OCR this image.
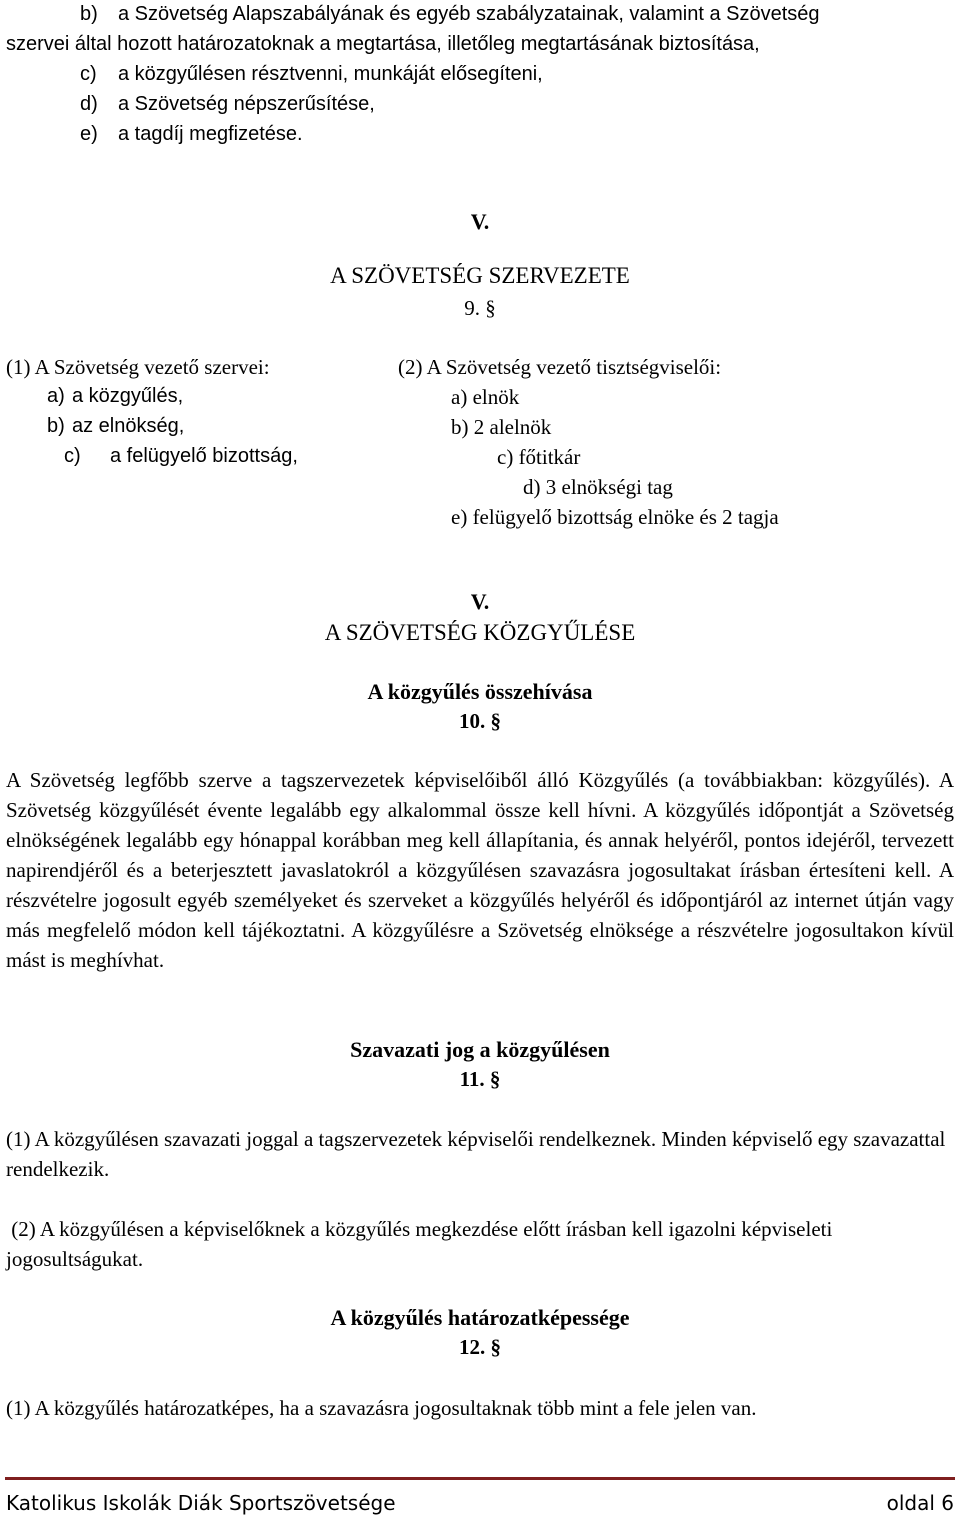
b) a Szövetség Alapszabályának és egyéb szabályzatainak, valamint a Szövetség
szervei által hozott határozatoknak a megtartása, illetőleg megtartásának biztosítása,
c) a közgyűlésen résztvenni, munkáját elősegíteni,
d) a Szövetség népszerűsítése,
e) a tagdíj megfizetése.
V.
A SZÖVETSÉG SZERVEZETE
9. §
(1) A Szövetség vezető szervei:
a) a közgyűlés,
b) az elnökség,
c) a felügyelő bizottság,
(2) A Szövetség vezető tisztségviselői:
a) elnök
b) 2 alelnök
c) főtitkár
d) 3 elnökségi tag
e) felügyelő bizottság elnöke és 2 tagja
V.
A SZÖVETSÉG KÖZGYŰLÉSE
A közgyűlés összehívása
10. §
A Szövetség legfőbb szerve a tagszervezetek képviselőiből álló Közgyűlés (a továbbiakban: közgyűlés). A Szövetség közgyűlését évente legalább egy alkalommal össze kell hívni. A közgyűlés időpontját a Szövetség elnökségének legalább egy hónappal korábban meg kell állapítania, és annak helyéről, pontos idejéről, tervezett napirendjéről és a beterjesztett javaslatokról a közgyűlésen szavazásra jogosultakat írásban értesíteni kell. A részvételre jogosult egyéb személyeket és szerveket a közgyűlés helyéről és időpontjáról az internet útján vagy más megfelelő módon kell tájékoztatni. A közgyűlésre a Szövetség elnöksége a részvételre jogosultakon kívül mást is meghívhat.
Szavazati jog a közgyűlésen
11. §
(1) A közgyűlésen szavazati joggal a tagszervezetek képviselői rendelkeznek. Minden képviselő egy szavazattal rendelkezik.
(2) A közgyűlésen a képviselőknek a közgyűlés megkezdése előtt írásban kell igazolni képviseleti jogosultságukat.
A közgyűlés határozatképessége
12. §
(1) A közgyűlés határozatképes, ha a szavazásra jogosultaknak több mint a fele jelen van.
Katolikus Iskolák Diák Sportszövetsége	oldal 6
